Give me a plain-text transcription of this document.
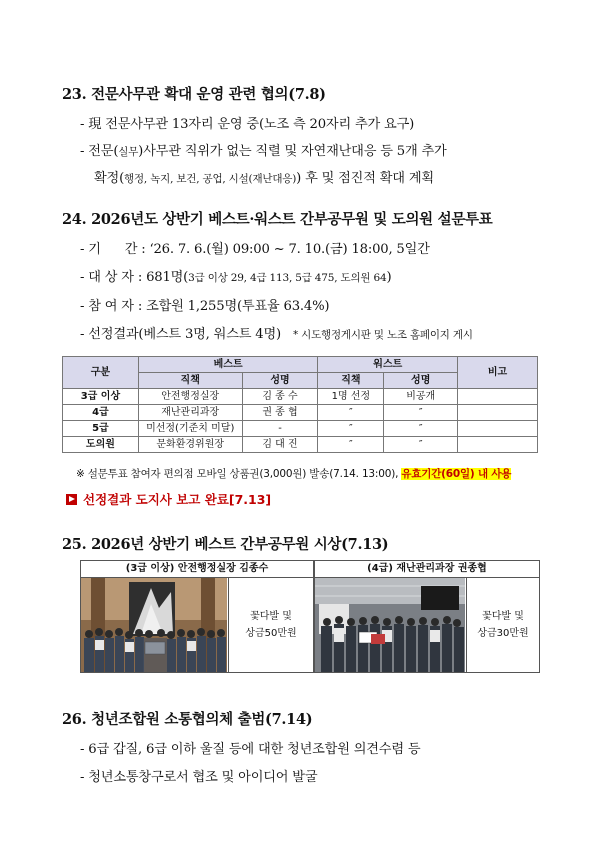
23. 전문사무관 확대 운영 관련 협의(7.8)
- 現 전문사무관 13자리 운영 중(노조 측 20자리 추가 요구)
- 전문(실무)사무관 직위가 없는 직렬 및 자연재난대응 등 5개 추가
확정(행정, 녹지, 보건, 공업, 시설(재난대응)) 후 및 점진적 확대 계획
24. 2026년도 상반기 베스트·워스트 간부공무원 및 도의원 설문투표
- 기      간 : ‘26. 7. 6.(월) 09:00 ~ 7. 10.(금) 18:00, 5일간
- 대 상 자 : 681명(3급 이상 29, 4급 113, 5급 475, 도의원 64)
- 참 여 자 : 조합원 1,255명(투표율 63.4%)
- 선정결과(베스트 3명, 워스트 4명) * 시도행정게시판 및 노조 홈페이지 게시
구분	베스트		워스트		비고
	직책	성명	직책	성명	
3급 이상	안전행정실장	김 종 수	1명 선정	비공개	
4급	재난관리과장	권 종 협	″	″	
5급	미선정(기준치 미달)	-	″	″	
도의원	문화환경위원장	김 대 진	″	″	
※ 설문투표 참여자 편의점 모바일 상품권(3,000원) 발송(7.14. 13:00), 유효기간(60일) 내 사용
선정결과 도지사 보고 완료[7.13]
25. 2026년 상반기 베스트 간부공무원 시상(7.13)
(3급 이상) 안전행정실장 김종수
꽃다발 및
상금50만원
(4급) 재난관리과장 권종협
꽃다발 및
상금30만원
26. 청년조합원 소통협의체 출범(7.14)
- 6급 갑질, 6급 이하 울질 등에 대한 청년조합원 의견수렴 등
- 청년소통창구로서 협조 및 아이디어 발굴
